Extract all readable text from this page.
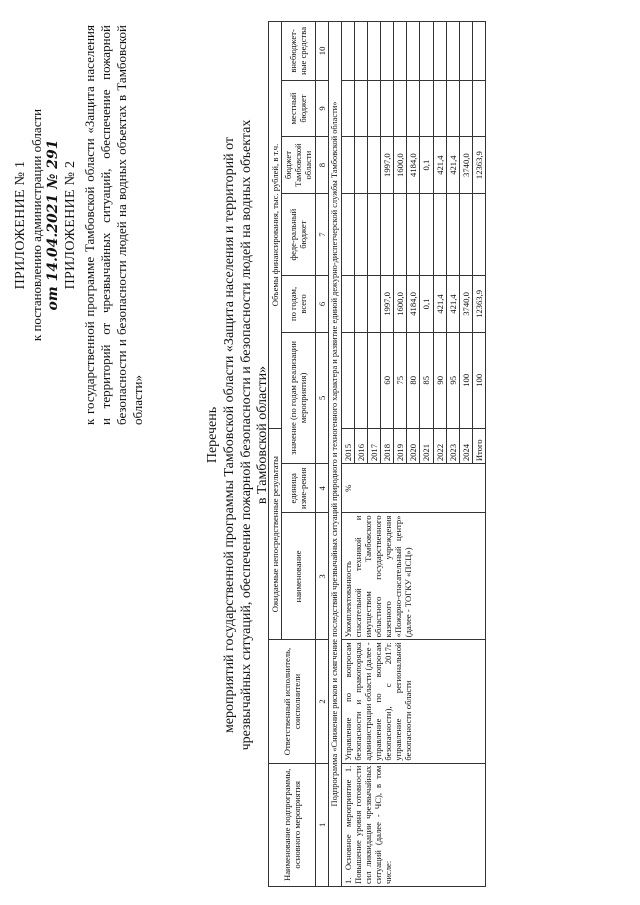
ПРИЛОЖЕНИЕ № 1 к постановлению администрации области от 14.04.2021 № 291 ПРИЛОЖЕНИЕ № 2 к государственной программе Тамбовской области «Защита населения и территорий от чрезвычайных ситуаций, обеспечение пожарной безопасности и безопасности людей на водных объектах в Тамбовской области»
Перечень мероприятий государственной программы Тамбовской области «Защита населения и территорий от чрезвычайных ситуаций, обеспечение пожарной безопасности и безопасности людей на водных объектах в Тамбовской области»
Наименование подпрограммы, основного мероприятия	Ответственный исполнитель, соисполнители	Ожидаемые непосредственные результаты			Объемы финансирования, тыс. рублей, в т.ч.					
		наименование	единица изме-рения	значение (по годам реализации мероприятия)		по годам, всего	феде-ральный бюджет	бюджет Тамбовской области	местный бюджет	внебюджет-ные средства
1	2	3	4	5		6	7	8	9	10
Подпрограмма «Снижение рисков и смягчение последствий чрезвычайных ситуаций природного и техногенного характера и развитие единой дежурно-диспетчерской службы Тамбовской области»										
1. Основное мероприятие 1. Повышение уровня готовности сил ликвидации чрезвычайных ситуаций (далее - ЧС), в том числе:	Управление по вопросам безопасности и правопорядка администрации области (далее - управление по вопросам безопасности), с 2017г. управление региональной безопасности области	Укомплектованность спасательной техникой и имуществом Тамбовского областного государственного казенного учреждения «Пожарно-спасательный центр» (далее - ТОГКУ «ПСЦ»)	%	2015						
				2016						
				2017						
				2018	60	1997,0		1997,0		
				2019	75	1600,0		1600,0		
				2020	80	4184,0		4184,0		
				2021	85	0,1		0,1		
				2022	90	421,4		421,4		
				2023	95	421,4		421,4		
				2024	100	3740,0		3740,0		
				Итого	100	12363,9		12363,9		
